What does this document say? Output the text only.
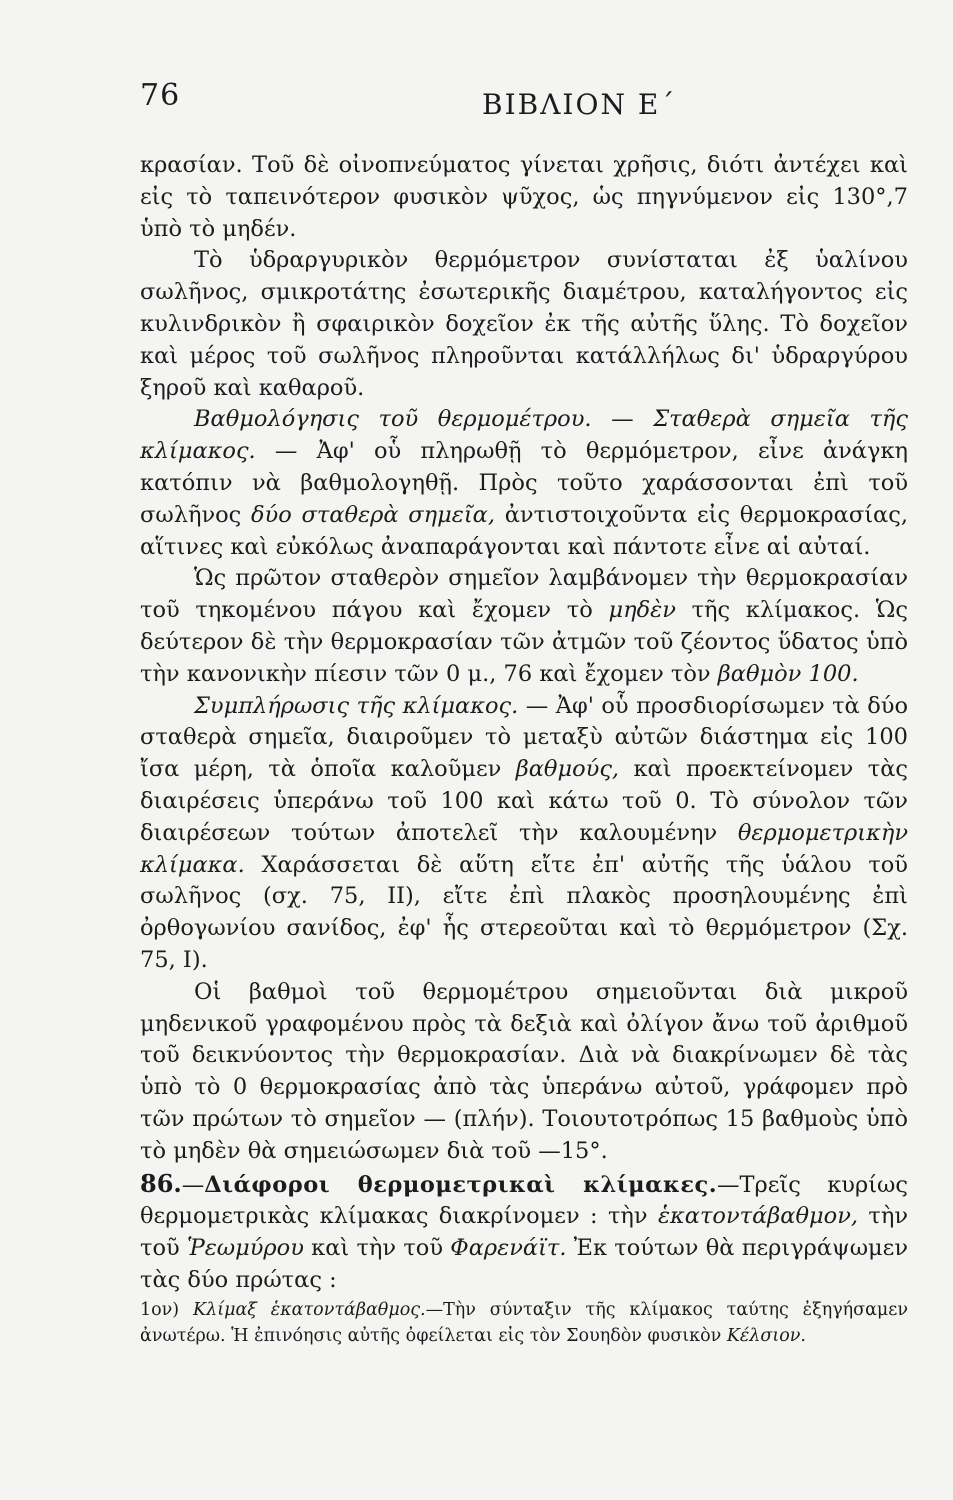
76	ΒΙΒΛΙΟΝ Ε΄

κρασίαν. Τοῦ δὲ οἰνοπνεύματος γίνεται χρῆσις, διότι ἀντέχει καὶ εἰς τὸ ταπεινότερον φυσικὸν ψῦχος, ὡς πηγνύμενον εἰς 130°,7 ὑπὸ τὸ μηδέν.

Τὸ ὑδραργυρικὸν θερμόμετρον συνίσταται ἐξ ὑαλίνου σωλῆνος, σμικροτάτης ἐσωτερικῆς διαμέτρου, καταλήγοντος εἰς κυλινδρικὸν ἢ σφαιρικὸν δοχεῖον ἐκ τῆς αὐτῆς ὕλης. Τὸ δοχεῖον καὶ μέρος τοῦ σωλῆνος πληροῦνται κατάλλήλως δι' ὑδραργύρου ξηροῦ καὶ καθαροῦ.

Βαθμολόγησις τοῦ θερμομέτρου. — Σταθερὰ σημεῖα τῆς κλίμακος. — Ἀφ' οὗ πληρωθῇ τὸ θερμόμετρον, εἶνε ἀνάγκη κατόπιν νὰ βαθμολογηθῇ. Πρὸς τοῦτο χαράσσονται ἐπὶ τοῦ σωλῆνος δύο σταθερὰ σημεῖα, ἀντιστοιχοῦντα εἰς θερμοκρασίας, αἵτινες καὶ εὐκόλως ἀναπαράγονται καὶ πάντοτε εἶνε αἱ αὐταί.

Ὡς πρῶτον σταθερὸν σημεῖον λαμβάνομεν τὴν θερμοκρασίαν τοῦ τηκομένου πάγου καὶ ἔχομεν τὸ μηδὲν τῆς κλίμακος. Ὡς δεύτερον δὲ τὴν θερμοκρασίαν τῶν ἀτμῶν τοῦ ζέοντος ὕδατος ὑπὸ τὴν κανονικὴν πίεσιν τῶν 0 μ., 76 καὶ ἔχομεν τὸν βαθμὸν 100.

Συμπλήρωσις τῆς κλίμακος. — Ἀφ' οὗ προσδιορίσωμεν τὰ δύο σταθερὰ σημεῖα, διαιροῦμεν τὸ μεταξὺ αὐτῶν διάστημα εἰς 100 ἴσα μέρη, τὰ ὁποῖα καλοῦμεν βαθμούς, καὶ προεκτείνομεν τὰς διαιρέσεις ὑπεράνω τοῦ 100 καὶ κάτω τοῦ 0. Τὸ σύνολον τῶν διαιρέσεων τούτων ἀποτελεῖ τὴν καλουμένην θερμομετρικὴν κλίμακα. Χαράσσεται δὲ αὕτη εἴτε ἐπ' αὐτῆς τῆς ὑάλου τοῦ σωλῆνος (σχ. 75, II), εἴτε ἐπὶ πλακὸς προσηλουμένης ἐπὶ ὀρθογωνίου σανίδος, ἐφ' ἧς στερεοῦται καὶ τὸ θερμόμετρον (Σχ. 75, I).

Οἱ βαθμοὶ τοῦ θερμομέτρου σημειοῦνται διὰ μικροῦ μηδενικοῦ γραφομένου πρὸς τὰ δεξιὰ καὶ ὀλίγον ἄνω τοῦ ἀριθμοῦ τοῦ δεικνύοντος τὴν θερμοκρασίαν. Διὰ νὰ διακρίνωμεν δὲ τὰς ὑπὸ τὸ 0 θερμοκρασίας ἀπὸ τὰς ὑπεράνω αὐτοῦ, γράφομεν πρὸ τῶν πρώτων τὸ σημεῖον — (πλήν). Τοιουτοτρόπως 15 βαθμοὺς ὑπὸ τὸ μηδὲν θὰ σημειώσωμεν διὰ τοῦ —15°.

86.—Διάφοροι θερμομετρικαὶ κλίμακες.—Τρεῖς κυρίως θερμομετρικὰς κλίμακας διακρίνομεν : τὴν ἑκατοντάβαθμον, τὴν τοῦ Ῥεωμύρου καὶ τὴν τοῦ Φαρενάϊτ. Ἐκ τούτων θὰ περιγράψωμεν τὰς δύο πρώτας :

1ον) Κλίμαξ ἑκατοντάβαθμος.—Τὴν σύνταξιν τῆς κλίμακος ταύτης ἐξηγήσαμεν ἀνωτέρω. Ἡ ἐπινόησις αὐτῆς ὀφείλεται εἰς τὸν Σουηδὸν φυσικὸν Κέλσιον.
